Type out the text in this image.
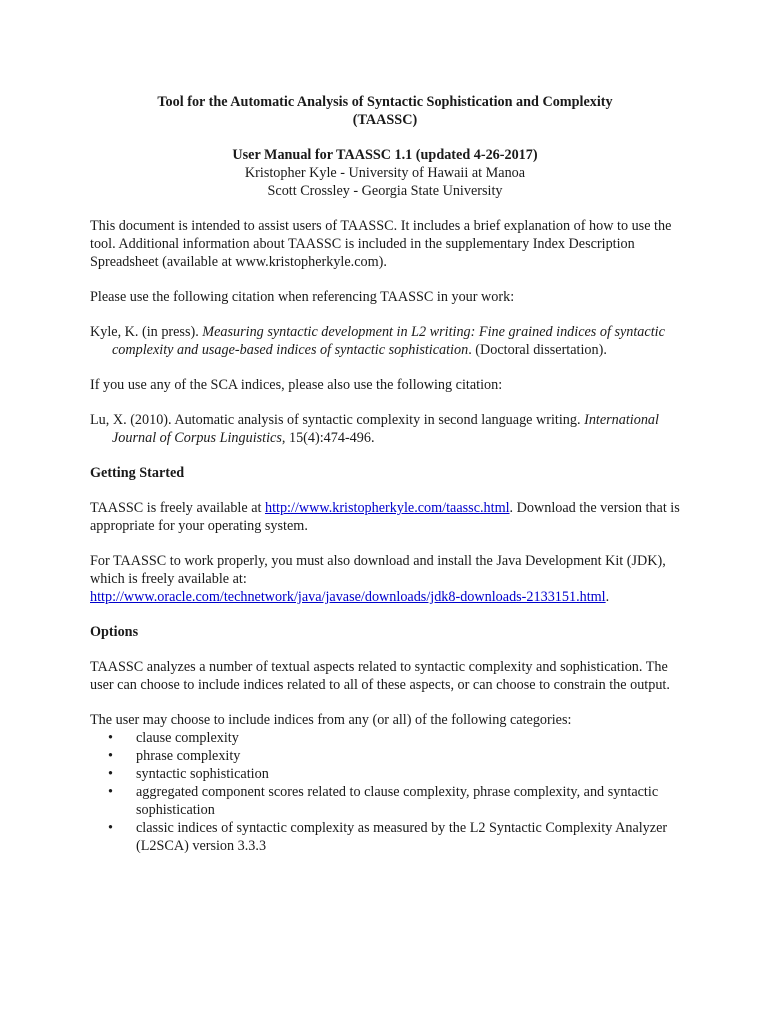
Tool for the Automatic Analysis of Syntactic Sophistication and Complexity

(TAASSC)

User Manual for TAASSC 1.1 (updated 4-26-2017)

Kristopher Kyle - University of Hawaii at Manoa

Scott Crossley - Georgia State University

This document is intended to assist users of TAASSC. It includes a brief explanation of how to use the tool. Additional information about TAASSC is included in the supplementary Index Description Spreadsheet (available at www.kristopherkyle.com).

Please use the following citation when referencing TAASSC in your work:

Kyle, K. (in press). Measuring syntactic development in L2 writing: Fine grained indices of syntactic complexity and usage-based indices of syntactic sophistication. (Doctoral dissertation).

If you use any of the SCA indices, please also use the following citation:

Lu, X. (2010). Automatic analysis of syntactic complexity in second language writing. International Journal of Corpus Linguistics, 15(4):474-496.

Getting Started

TAASSC is freely available at http://www.kristopherkyle.com/taassc.html. Download the version that is appropriate for your operating system.

For TAASSC to work properly, you must also download and install the Java Development Kit (JDK), which is freely available at:
http://www.oracle.com/technetwork/java/javase/downloads/jdk8-downloads-2133151.html.

Options

TAASSC analyzes a number of textual aspects related to syntactic complexity and sophistication. The user can choose to include indices related to all of these aspects, or can choose to constrain the output.

The user may choose to include indices from any (or all) of the following categories:

• clause complexity
• phrase complexity
• syntactic sophistication
• aggregated component scores related to clause complexity, phrase complexity, and syntactic sophistication
• classic indices of syntactic complexity as measured by the L2 Syntactic Complexity Analyzer (L2SCA) version 3.3.3
